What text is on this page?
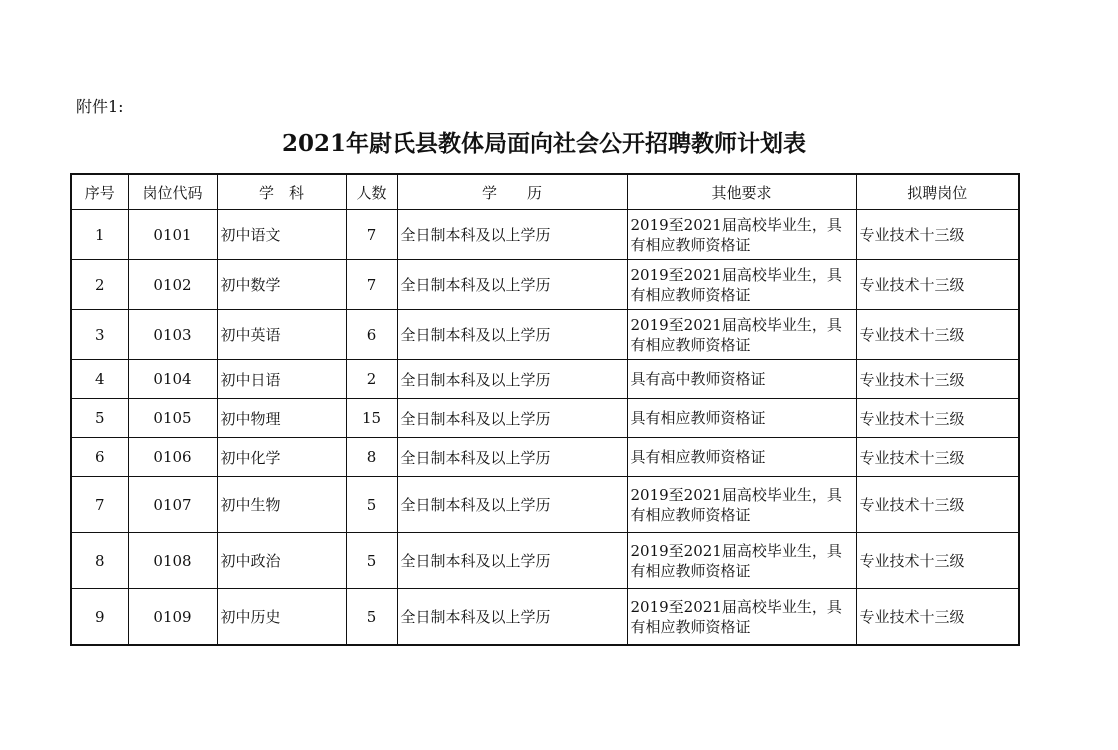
附件1:
2021年尉氏县教体局面向社会公开招聘教师计划表
序号	岗位代码	学　科	人数	学　　历	其他要求	拟聘岗位
1	0101	初中语文	7	全日制本科及以上学历	2019至2021届高校毕业生，具有相应教师资格证	专业技术十三级
2	0102	初中数学	7	全日制本科及以上学历	2019至2021届高校毕业生，具有相应教师资格证	专业技术十三级
3	0103	初中英语	6	全日制本科及以上学历	2019至2021届高校毕业生，具有相应教师资格证	专业技术十三级
4	0104	初中日语	2	全日制本科及以上学历	具有高中教师资格证	专业技术十三级
5	0105	初中物理	15	全日制本科及以上学历	具有相应教师资格证	专业技术十三级
6	0106	初中化学	8	全日制本科及以上学历	具有相应教师资格证	专业技术十三级
7	0107	初中生物	5	全日制本科及以上学历	2019至2021届高校毕业生，具有相应教师资格证	专业技术十三级
8	0108	初中政治	5	全日制本科及以上学历	2019至2021届高校毕业生，具有相应教师资格证	专业技术十三级
9	0109	初中历史	5	全日制本科及以上学历	2019至2021届高校毕业生，具有相应教师资格证	专业技术十三级
